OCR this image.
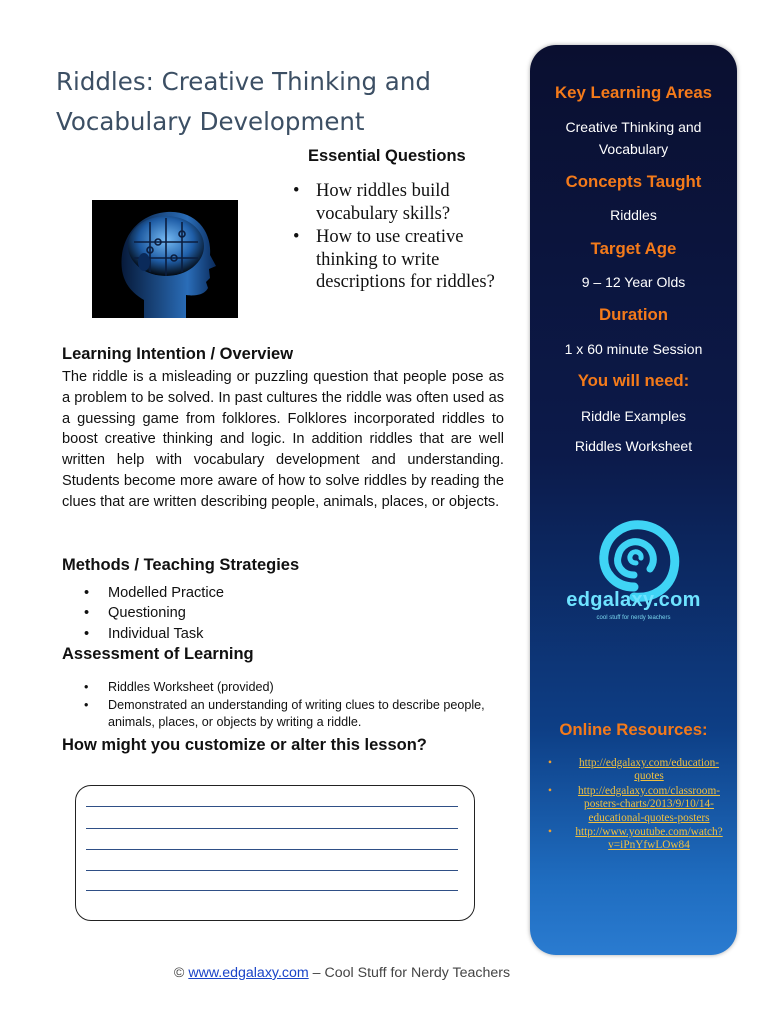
Riddles: Creative Thinking and Vocabulary Development
Essential Questions
• How riddles build vocabulary skills?
• How to use creative thinking to write descriptions for riddles?
Learning Intention / Overview
The riddle is a misleading or puzzling question that people pose as a problem to be solved. In past cultures the riddle was often used as a guessing game from folklores. Folklores incorporated riddles to boost creative thinking and logic. In addition riddles that are well written help with vocabulary development and understanding. Students become more aware of how to solve riddles by reading the clues that are written describing people, animals, places, or objects.
Methods / Teaching Strategies
• Modelled Practice
• Questioning
• Individual Task
Assessment of Learning
• Riddles Worksheet (provided)
• Demonstrated an understanding of writing clues to describe people, animals, places, or objects by writing a riddle.
How might you customize or alter this lesson?
© www.edgalaxy.com – Cool Stuff for Nerdy Teachers
Key Learning Areas
Creative Thinking and Vocabulary
Concepts Taught
Riddles
Target Age
9 – 12 Year Olds
Duration
1 x 60 minute Session
You will need:
Riddle Examples
Riddles Worksheet
edgalaxy.com
cool stuff for nerdy teachers
Online Resources:
• http://edgalaxy.com/education-quotes
• http://edgalaxy.com/classroom-posters-charts/2013/9/10/14-educational-quotes-posters
• http://www.youtube.com/watch?v=iPnYfwLOw84
